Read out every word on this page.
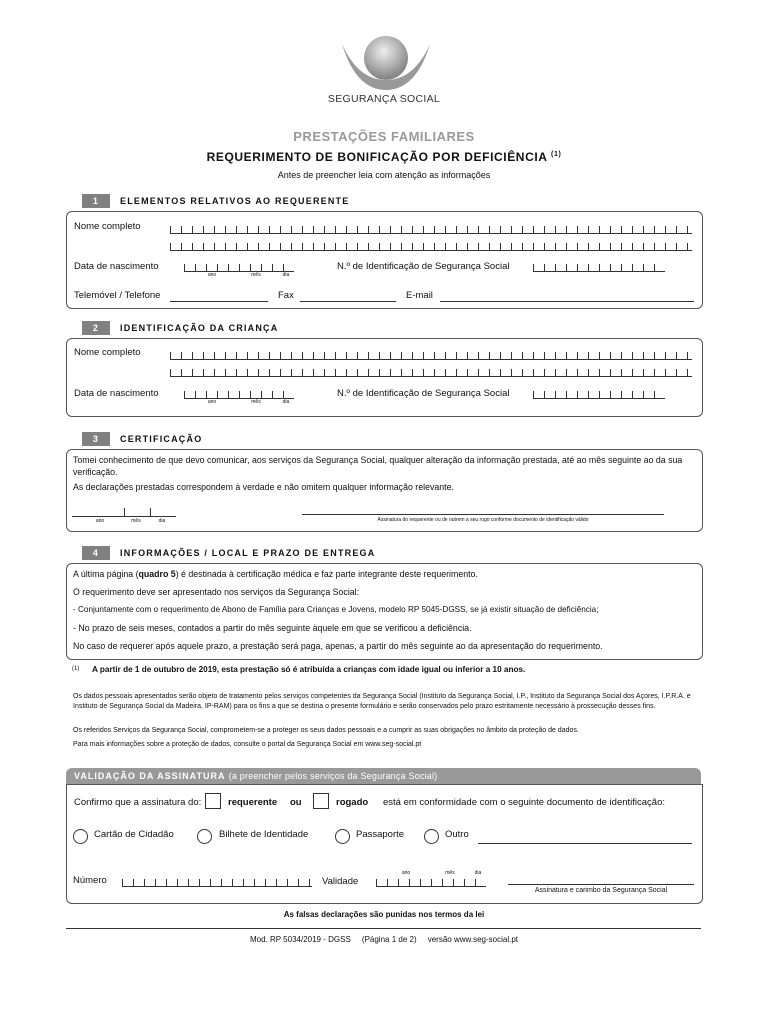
SEGURANÇA SOCIAL
PRESTAÇÕES FAMILIARES
REQUERIMENTO DE BONIFICAÇÃO POR DEFICIÊNCIA $^{(1)}$
Antes de preencher leia com atenção as informações
1 ELEMENTOS RELATIVOS AO REQUERENTE
Nome completo
Data de nascimento
ano	mês	dia
N.º de Identificação de Segurança Social
Telemóvel / Telefone	Fax	E-mail
2 IDENTIFICAÇÃO DA CRIANÇA
Nome completo
Data de nascimento
ano	mês	dia
N.º de Identificação de Segurança Social
3 CERTIFICAÇÃO
Tomei conhecimento de que devo comunicar, aos serviços da Segurança Social, qualquer alteração da informação prestada, até ao mês seguinte ao da sua verificação.
As declarações prestadas correspondem à verdade e não omitem qualquer informação relevante.
ano	mês	dia	Assinatura do requerente ou de outrem a seu rogo conforme documento de identificação válido
4 INFORMAÇÕES / LOCAL E PRAZO DE ENTREGA
A última página (quadro 5) é destinada à certificação médica e faz parte integrante deste requerimento.
O requerimento deve ser apresentado nos serviços da Segurança Social:
- Conjuntamente com o requerimento de Abono de Família para Crianças e Jovens, modelo RP 5045-DGSS, se já existir situação de deficiência;
- No prazo de seis meses, contados a partir do mês seguinte àquele em que se verificou a deficiência.
No caso de requerer após aquele prazo, a prestação será paga, apenas, a partir do mês seguinte ao da apresentação do requerimento.
(1) A partir de 1 de outubro de 2019, esta prestação só é atribuída a crianças com idade igual ou inferior a 10 anos.
Os dados pessoais apresentados serão objeto de tratamento pelos serviços competentes da Segurança Social (Instituto da Segurança Social, I.P., Instituto da Segurança Social dos Açores, I.P.R.A. e Instituto de Segurança Social da Madeira, IP-RAM) para os fins a que se destina o presente formulário e serão conservados pelo prazo estritamente necessário à prossecução desses fins.
Os referidos Serviços da Segurança Social, comprometem-se a proteger os seus dados pessoais e a cumprir as suas obrigações no âmbito da proteção de dados.
Para mais informações sobre a proteção de dados, consulte o portal da Segurança Social em www.seg-social.pt
VALIDAÇÃO DA ASSINATURA (a preencher pelos serviços da Segurança Social)
Confirmo que a assinatura do:	requerente ou	rogado está em conformidade com o seguinte documento de identificação:
Cartão de Cidadão	Bilhete de Identidade	Passaporte	Outro
Número	Validade
ano	mês	dia
Assinatura e carimbo da Segurança Social
As falsas declarações são punidas nos termos da lei
Mod. RP 5034/2019 - DGSS (Página 1 de 2) versão www.seg-social.pt
